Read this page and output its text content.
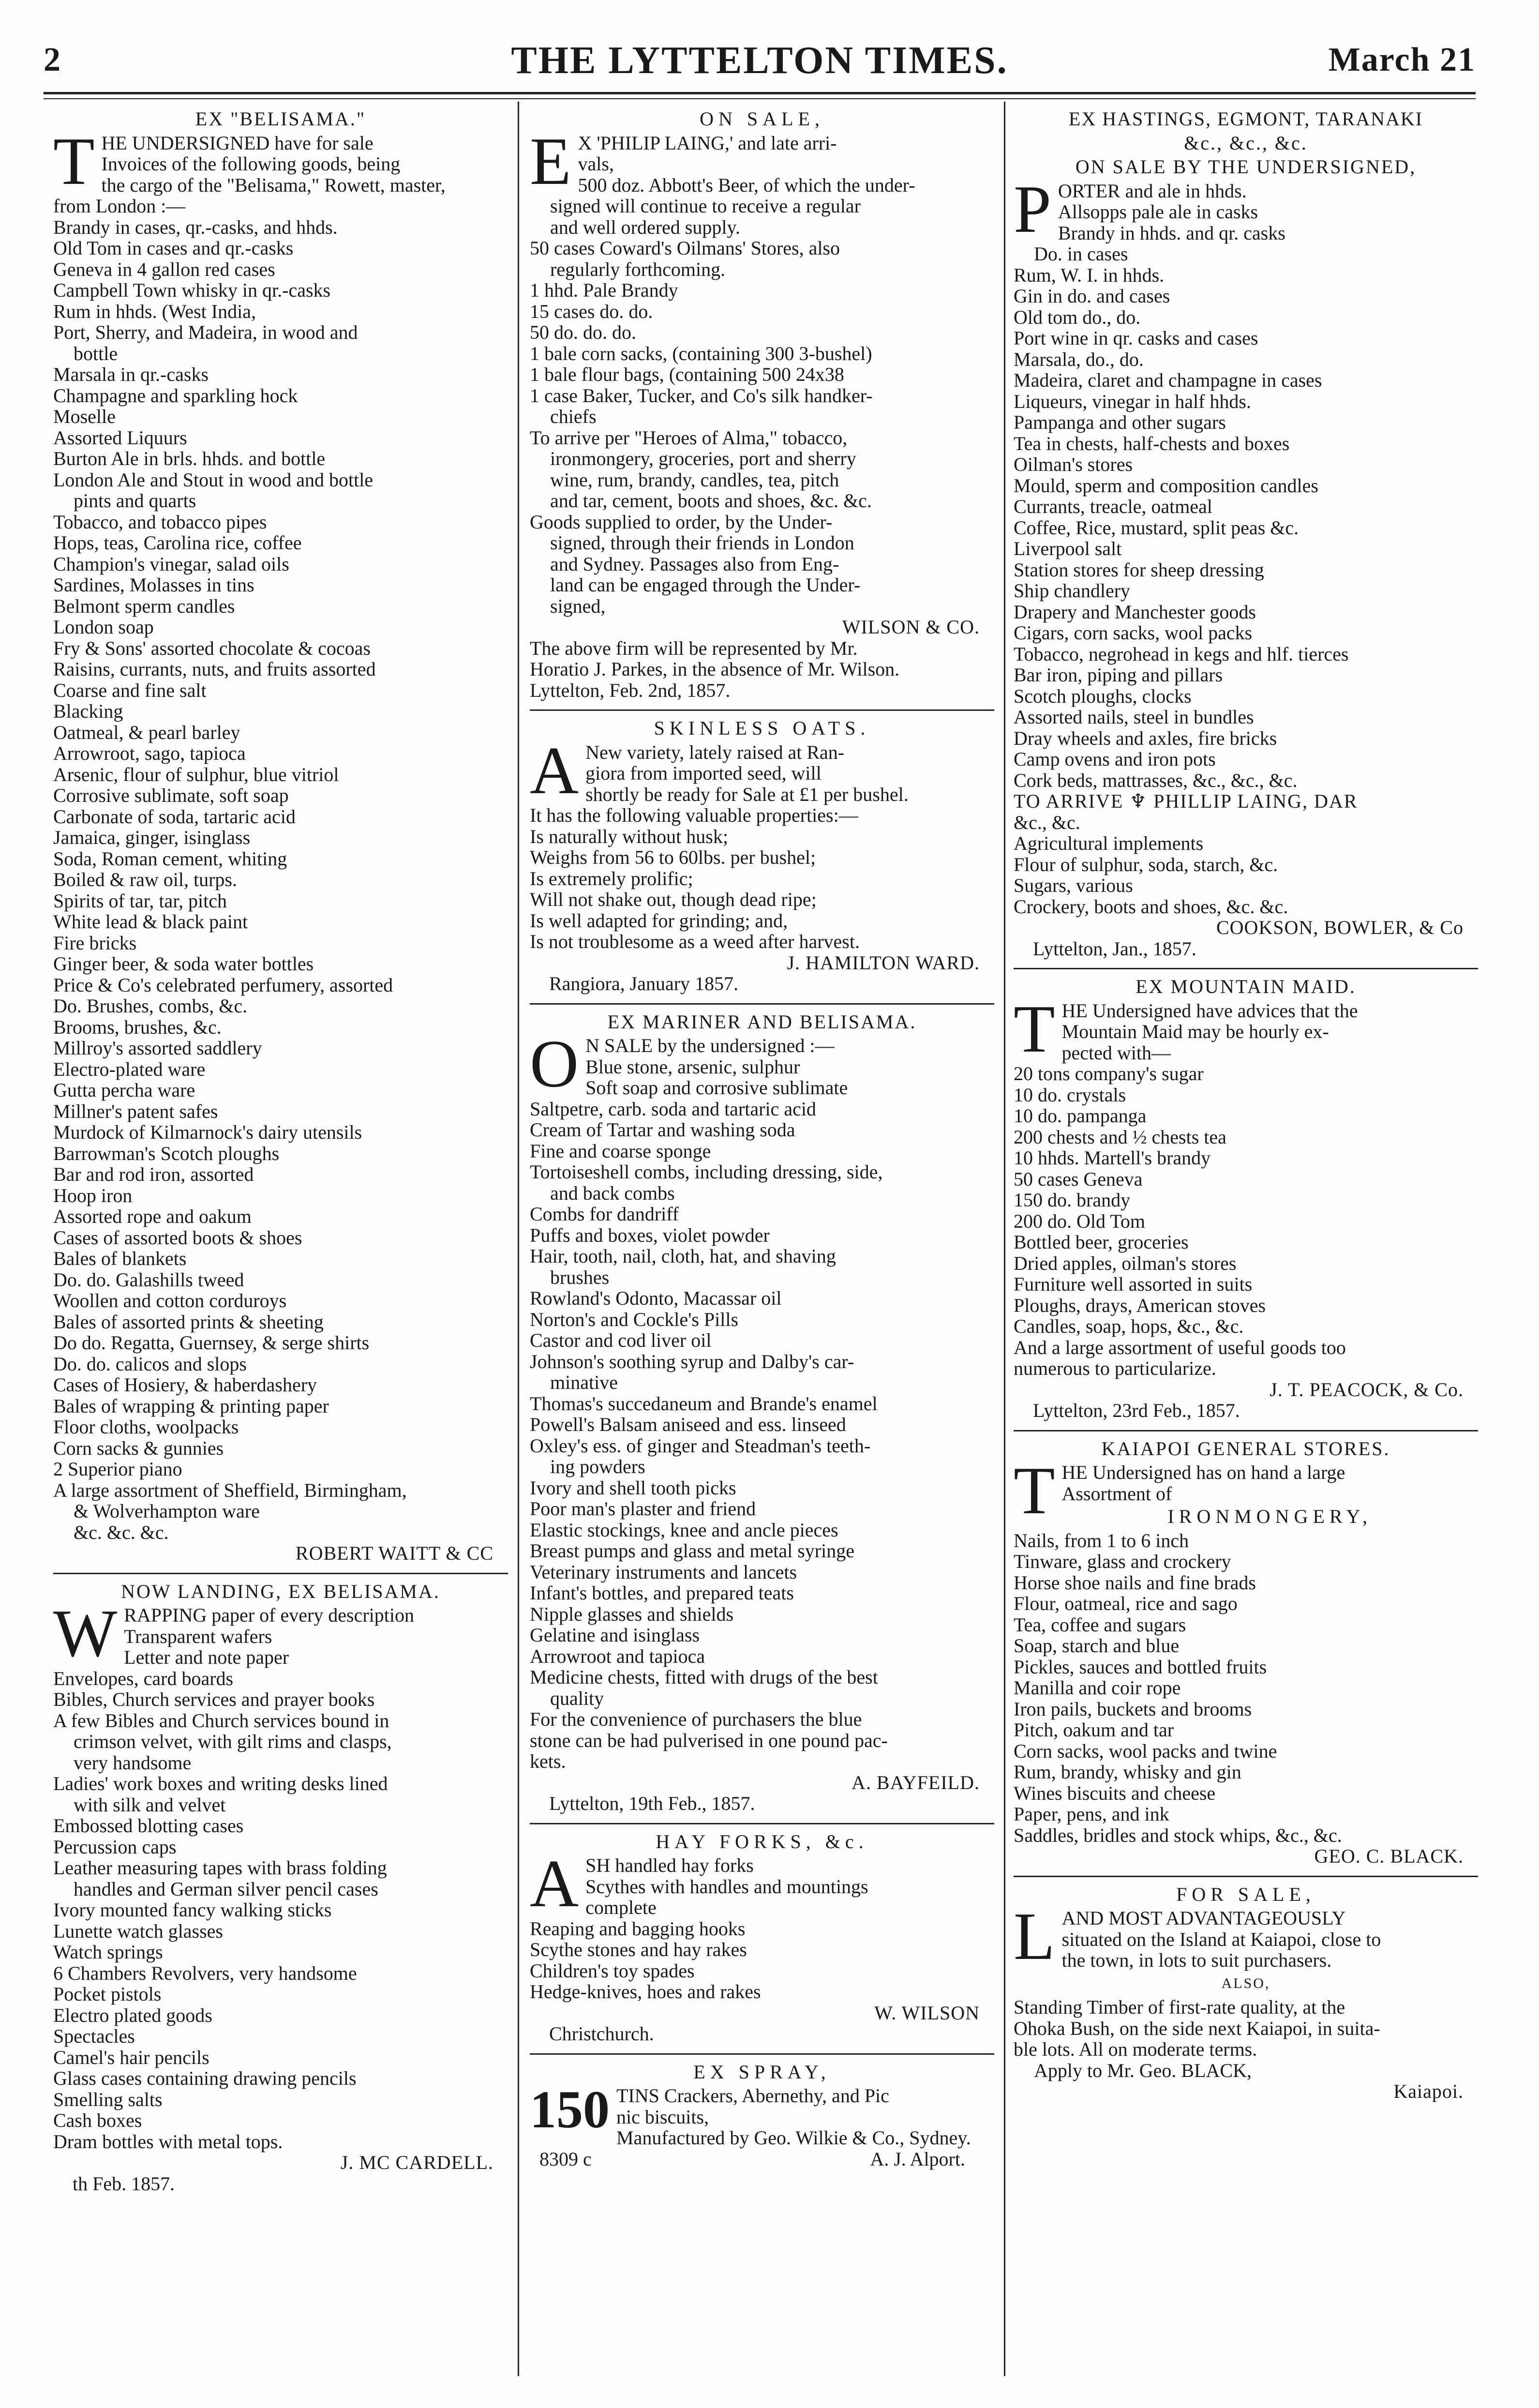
2	THE LYTTELTON TIMES.	March 21
EX "BELISAMA."
T HE UNDERSIGNED have for sale
Invoices of the following goods, being
the cargo of the "Belisama," Rowett, master,
from London :—
Brandy in cases, qr.-casks, and hhds.
Old Tom in cases and qr.-casks
Geneva in 4 gallon red cases
Campbell Town whisky in qr.-casks
Rum in hhds. (West India,
Port, Sherry, and Madeira, in wood and
bottle
Marsala in qr.-casks
Champagne and sparkling hock
Moselle
Assorted Liquurs
Burton Ale in brls. hhds. and bottle
London Ale and Stout in wood and bottle
pints and quarts
Tobacco, and tobacco pipes
Hops, teas, Carolina rice, coffee
Champion's vinegar, salad oils
Sardines, Molasses in tins
Belmont sperm candles
London soap
Fry & Sons' assorted chocolate & cocoas
Raisins, currants, nuts, and fruits assorted
Coarse and fine salt
Blacking
Oatmeal, & pearl barley
Arrowroot, sago, tapioca
Arsenic, flour of sulphur, blue vitriol
Corrosive sublimate, soft soap
Carbonate of soda, tartaric acid
Jamaica, ginger, isinglass
Soda, Roman cement, whiting
Boiled & raw oil, turps.
Spirits of tar, tar, pitch
White lead & black paint
Fire bricks
Ginger beer, & soda water bottles
Price & Co's celebrated perfumery, assorted
Do. Brushes, combs, &c.
Brooms, brushes, &c.
Millroy's assorted saddlery
Electro-plated ware
Gutta percha ware
Millner's patent safes
Murdock of Kilmarnock's dairy utensils
Barrowman's Scotch ploughs
Bar and rod iron, assorted
Hoop iron
Assorted rope and oakum
Cases of assorted boots & shoes
Bales of blankets
Do. do. Galashills tweed
Woollen and cotton corduroys
Bales of assorted prints & sheeting
Do do. Regatta, Guernsey, & serge shirts
Do. do. calicos and slops
Cases of Hosiery, & haberdashery
Bales of wrapping & printing paper
Floor cloths, woolpacks
Corn sacks & gunnies
2 Superior piano
A large assortment of Sheffield, Birmingham,
& Wolverhampton ware
&c. &c. &c.
ROBERT WAITT & CC
NOW LANDING, EX BELISAMA.
W RAPPING paper of every description
Transparent wafers
Letter and note paper
Envelopes, card boards
Bibles, Church services and prayer books
A few Bibles and Church services bound in
crimson velvet, with gilt rims and clasps,
very handsome
Ladies' work boxes and writing desks lined
with silk and velvet
Embossed blotting cases
Percussion caps
Leather measuring tapes with brass folding
handles and German silver pencil cases
Ivory mounted fancy walking sticks
Lunette watch glasses
Watch springs
6 Chambers Revolvers, very handsome
Pocket pistols
Electro plated goods
Spectacles
Camel's hair pencils
Glass cases containing drawing pencils
Smelling salts
Cash boxes
Dram bottles with metal tops.
J. MC CARDELL.
th Feb. 1857.
ON SALE,
E X 'PHILIP LAING,' and late arri-
vals,
500 doz. Abbott's Beer, of which the under-
signed will continue to receive a regular
and well ordered supply.
50 cases Coward's Oilmans' Stores, also
regularly forthcoming.
1 hhd. Pale Brandy
15 cases do. do.
50 do. do. do.
1 bale corn sacks, (containing 300 3-bushel)
1 bale flour bags, (containing 500 24x38
1 case Baker, Tucker, and Co's silk handker-
chiefs
To arrive per "Heroes of Alma," tobacco,
ironmongery, groceries, port and sherry
wine, rum, brandy, candles, tea, pitch
and tar, cement, boots and shoes, &c. &c.
Goods supplied to order, by the Under-
signed, through their friends in London
and Sydney. Passages also from Eng-
land can be engaged through the Under-
signed,
WILSON & CO.
The above firm will be represented by Mr.
Horatio J. Parkes, in the absence of Mr. Wilson.
Lyttelton, Feb. 2nd, 1857.
SKINLESS OATS.
A New variety, lately raised at Ran-
giora from imported seed, will
shortly be ready for Sale at £1 per bushel.
It has the following valuable properties:—
Is naturally without husk;
Weighs from 56 to 60lbs. per bushel;
Is extremely prolific;
Will not shake out, though dead ripe;
Is well adapted for grinding; and,
Is not troublesome as a weed after harvest.
J. HAMILTON WARD.
Rangiora, January 1857.
EX MARINER AND BELISAMA.
O N SALE by the undersigned :—
Blue stone, arsenic, sulphur
Soft soap and corrosive sublimate
Saltpetre, carb. soda and tartaric acid
Cream of Tartar and washing soda
Fine and coarse sponge
Tortoiseshell combs, including dressing, side,
and back combs
Combs for dandriff
Puffs and boxes, violet powder
Hair, tooth, nail, cloth, hat, and shaving
brushes
Rowland's Odonto, Macassar oil
Norton's and Cockle's Pills
Castor and cod liver oil
Johnson's soothing syrup and Dalby's car-
minative
Thomas's succedaneum and Brande's enamel
Powell's Balsam aniseed and ess. linseed
Oxley's ess. of ginger and Steadman's teeth-
ing powders
Ivory and shell tooth picks
Poor man's plaster and friend
Elastic stockings, knee and ancle pieces
Breast pumps and glass and metal syringe
Veterinary instruments and lancets
Infant's bottles, and prepared teats
Nipple glasses and shields
Gelatine and isinglass
Arrowroot and tapioca
Medicine chests, fitted with drugs of the best
quality
For the convenience of purchasers the blue
stone can be had pulverised in one pound pac-
kets.
A. BAYFEILD.
Lyttelton, 19th Feb., 1857.
HAY FORKS, &c.
A SH handled hay forks
Scythes with handles and mountings
complete
Reaping and bagging hooks
Scythe stones and hay rakes
Children's toy spades
Hedge-knives, hoes and rakes
W. WILSON
Christchurch.
EX SPRAY,
150 TINS Crackers, Abernethy, and Pic
nic biscuits,
Manufactured by Geo. Wilkie & Co., Sydney.
8309 c	A. J. Alport.
EX HASTINGS, EGMONT, TARANAKI
&c., &c., &c.
ON SALE BY THE UNDERSIGNED,
P ORTER and ale in hhds.
Allsopps pale ale in casks
Brandy in hhds. and qr. casks
Do. in cases
Rum, W. I. in hhds.
Gin in do. and cases
Old tom do., do.
Port wine in qr. casks and cases
Marsala, do., do.
Madeira, claret and champagne in cases
Liqueurs, vinegar in half hhds.
Pampanga and other sugars
Tea in chests, half-chests and boxes
Oilman's stores
Mould, sperm and composition candles
Currants, treacle, oatmeal
Coffee, Rice, mustard, split peas &c.
Liverpool salt
Station stores for sheep dressing
Ship chandlery
Drapery and Manchester goods
Cigars, corn sacks, wool packs
Tobacco, negrohead in kegs and hlf. tierces
Bar iron, piping and pillars
Scotch ploughs, clocks
Assorted nails, steel in bundles
Dray wheels and axles, fire bricks
Camp ovens and iron pots
Cork beds, mattrasses, &c., &c., &c.
TO ARRIVE ♆ PHILLIP LAING, DAR
&c., &c.
Agricultural implements
Flour of sulphur, soda, starch, &c.
Sugars, various
Crockery, boots and shoes, &c. &c.
COOKSON, BOWLER, & Co
Lyttelton, Jan., 1857.
EX MOUNTAIN MAID.
T HE Undersigned have advices that the
Mountain Maid may be hourly ex-
pected with—
20 tons company's sugar
10 do. crystals
10 do. pampanga
200 chests and ½ chests tea
10 hhds. Martell's brandy
50 cases Geneva
150 do. brandy
200 do. Old Tom
Bottled beer, groceries
Dried apples, oilman's stores
Furniture well assorted in suits
Ploughs, drays, American stoves
Candles, soap, hops, &c., &c.
And a large assortment of useful goods too
numerous to particularize.
J. T. PEACOCK, & Co.
Lyttelton, 23rd Feb., 1857.
KAIAPOI GENERAL STORES.
T HE Undersigned has on hand a large
Assortment of
IRONMONGERY,
Nails, from 1 to 6 inch
Tinware, glass and crockery
Horse shoe nails and fine brads
Flour, oatmeal, rice and sago
Tea, coffee and sugars
Soap, starch and blue
Pickles, sauces and bottled fruits
Manilla and coir rope
Iron pails, buckets and brooms
Pitch, oakum and tar
Corn sacks, wool packs and twine
Rum, brandy, whisky and gin
Wines biscuits and cheese
Paper, pens, and ink
Saddles, bridles and stock whips, &c., &c.
GEO. C. BLACK.
FOR SALE,
L AND MOST ADVANTAGEOUSLY
situated on the Island at Kaiapoi, close to
the town, in lots to suit purchasers.
ALSO,
Standing Timber of first-rate quality, at the
Ohoka Bush, on the side next Kaiapoi, in suita-
ble lots. All on moderate terms.
Apply to Mr. Geo. BLACK,
Kaiapoi.
